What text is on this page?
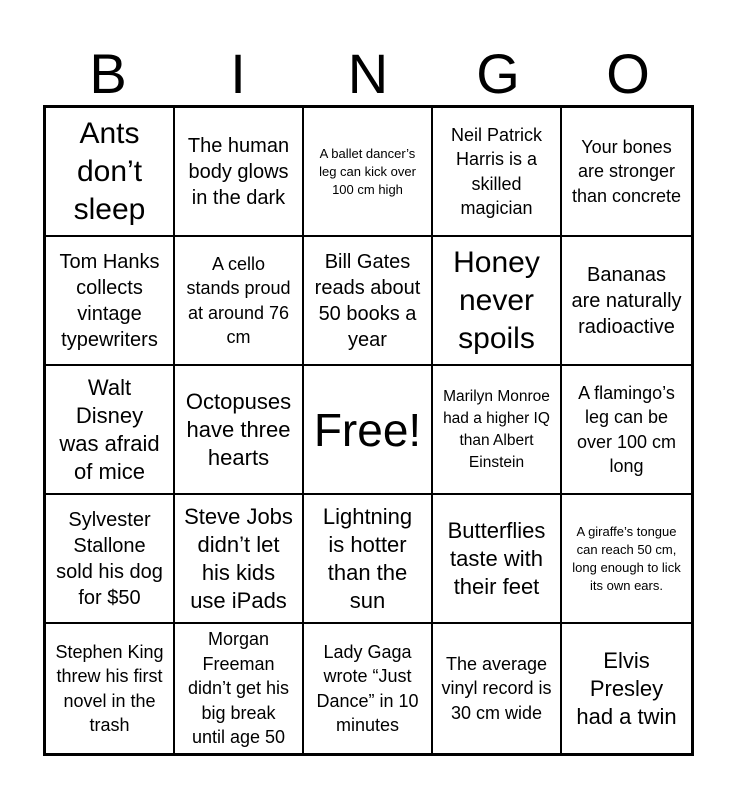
B	I	N	G	O
Ants don’t sleep
The human body glows in the dark
A ballet dancer’s leg can kick over 100 cm high
Neil Patrick Harris is a skilled magician
Your bones are stronger than concrete
Tom Hanks collects vintage typewriters
A cello stands proud at around 76 cm
Bill Gates reads about 50 books a year
Honey never spoils
Bananas are naturally radioactive
Walt Disney was afraid of mice
Octopuses have three hearts
Free!
Marilyn Monroe had a higher IQ than Albert Einstein
A flamingo’s leg can be over 100 cm long
Sylvester Stallone sold his dog for $50
Steve Jobs didn’t let his kids use iPads
Lightning is hotter than the sun
Butterflies taste with their feet
A giraffe’s tongue can reach 50 cm, long enough to lick its own ears.
Stephen King threw his first novel in the trash
Morgan Freeman didn’t get his big break until age 50
Lady Gaga wrote “Just Dance” in 10 minutes
The average vinyl record is 30 cm wide
Elvis Presley had a twin
